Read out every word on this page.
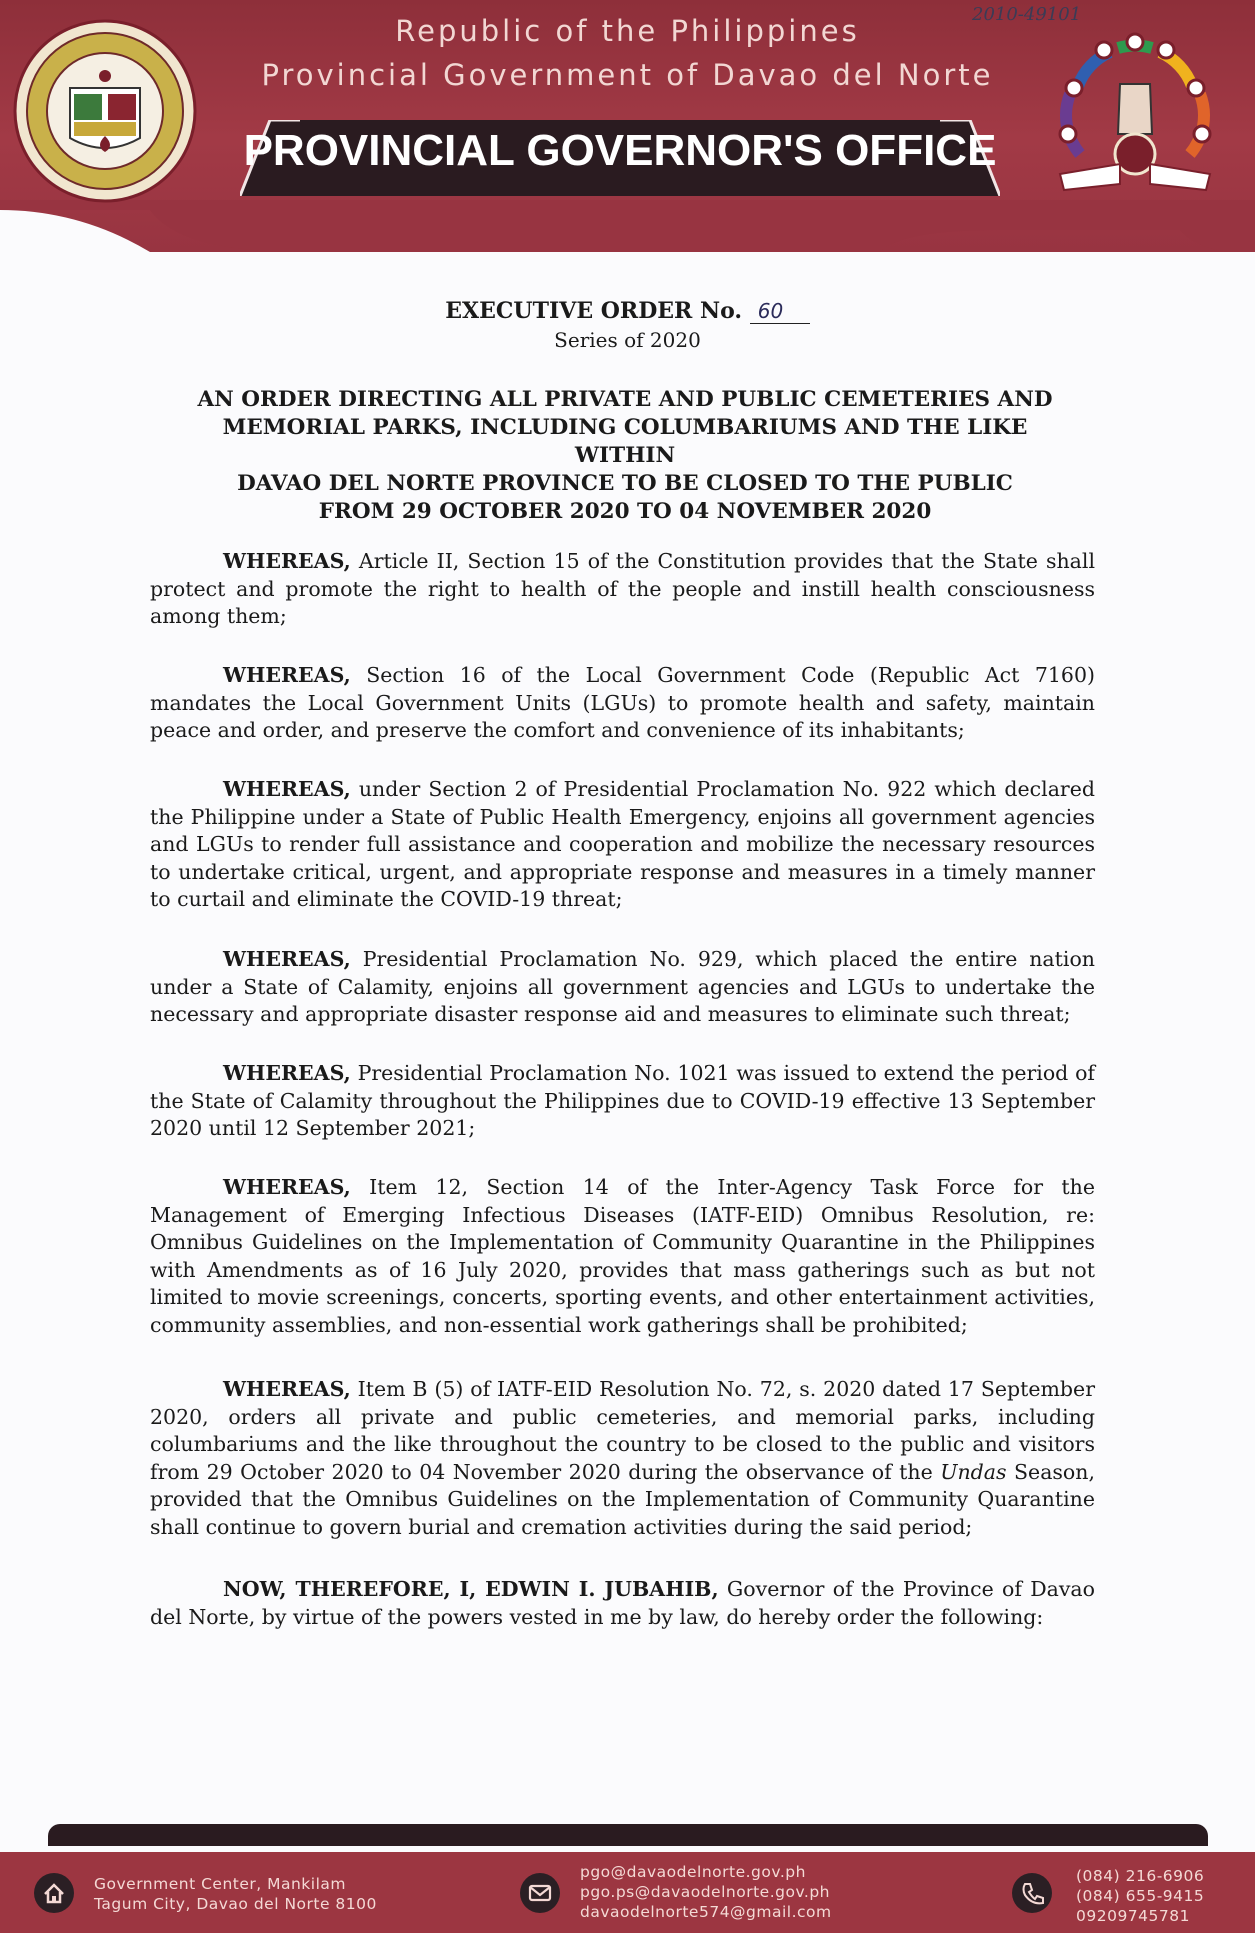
Republic of the Philippines
Provincial Government of Davao del Norte
PROVINCIAL GOVERNOR'S OFFICE
2010-49101
EXECUTIVE ORDER No. 60
Series of 2020
AN ORDER DIRECTING ALL PRIVATE AND PUBLIC CEMETERIES AND
MEMORIAL PARKS, INCLUDING COLUMBARIUMS AND THE LIKE WITHIN
DAVAO DEL NORTE PROVINCE TO BE CLOSED TO THE PUBLIC
FROM 29 OCTOBER 2020 TO 04 NOVEMBER 2020
WHEREAS, Article II, Section 15 of the Constitution provides that the State shall protect and promote the right to health of the people and instill health consciousness among them;
WHEREAS, Section 16 of the Local Government Code (Republic Act 7160) mandates the Local Government Units (LGUs) to promote health and safety, maintain peace and order, and preserve the comfort and convenience of its inhabitants;
WHEREAS, under Section 2 of Presidential Proclamation No. 922 which declared the Philippine under a State of Public Health Emergency, enjoins all government agencies and LGUs to render full assistance and cooperation and mobilize the necessary resources to undertake critical, urgent, and appropriate response and measures in a timely manner to curtail and eliminate the COVID-19 threat;
WHEREAS, Presidential Proclamation No. 929, which placed the entire nation under a State of Calamity, enjoins all government agencies and LGUs to undertake the necessary and appropriate disaster response aid and measures to eliminate such threat;
WHEREAS, Presidential Proclamation No. 1021 was issued to extend the period of the State of Calamity throughout the Philippines due to COVID-19 effective 13 September 2020 until 12 September 2021;
WHEREAS, Item 12, Section 14 of the Inter-Agency Task Force for the Management of Emerging Infectious Diseases (IATF-EID) Omnibus Resolution, re: Omnibus Guidelines on the Implementation of Community Quarantine in the Philippines with Amendments as of 16 July 2020, provides that mass gatherings such as but not limited to movie screenings, concerts, sporting events, and other entertainment activities, community assemblies, and non-essential work gatherings shall be prohibited;
WHEREAS, Item B (5) of IATF-EID Resolution No. 72, s. 2020 dated 17 September 2020, orders all private and public cemeteries, and memorial parks, including columbariums and the like throughout the country to be closed to the public and visitors from 29 October 2020 to 04 November 2020 during the observance of the Undas Season, provided that the Omnibus Guidelines on the Implementation of Community Quarantine shall continue to govern burial and cremation activities during the said period;
NOW, THEREFORE, I, EDWIN I. JUBAHIB, Governor of the Province of Davao del Norte, by virtue of the powers vested in me by law, do hereby order the following:
Government Center, Mankilam
Tagum City, Davao del Norte 8100
pgo@davaodelnorte.gov.ph
pgo.ps@davaodelnorte.gov.ph
davaodelnorte574@gmail.com
(084) 216-6906
(084) 655-9415
09209745781
